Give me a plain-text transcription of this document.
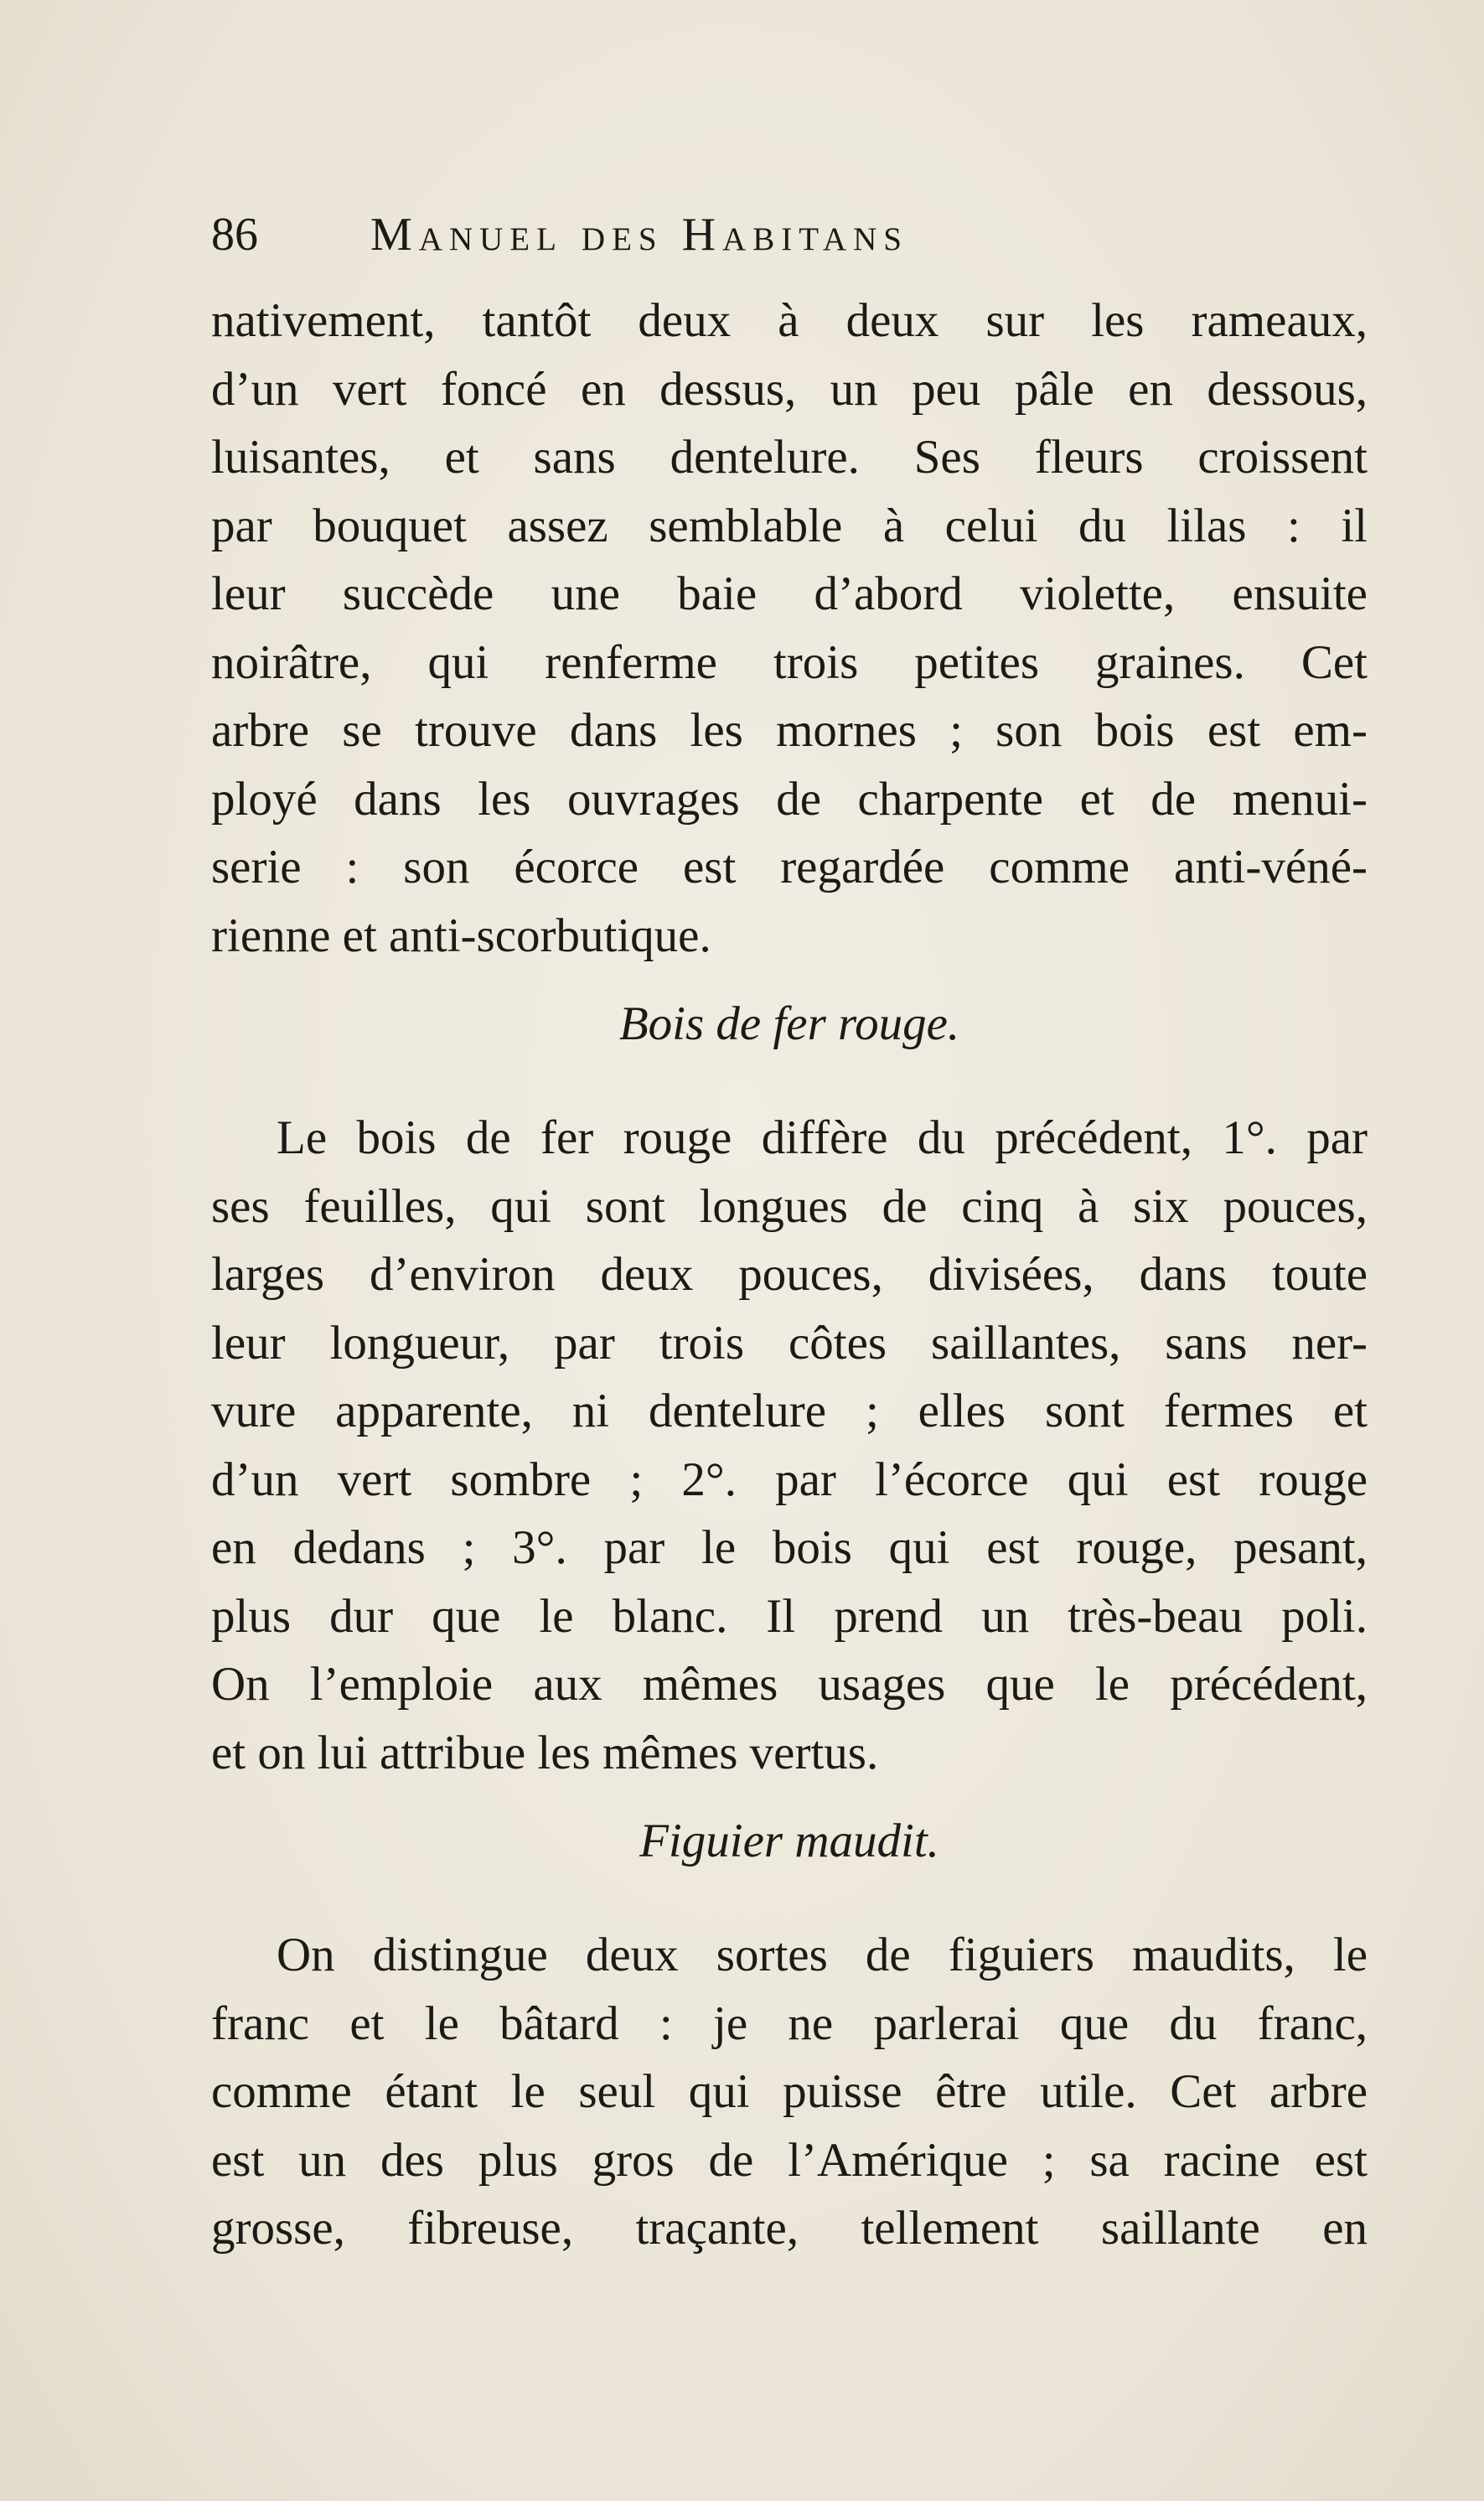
86 Manuel des Habitans
nativement, tantôt deux à deux sur les rameaux,
d’un vert foncé en dessus, un peu pâle en dessous,
luisantes, et sans dentelure. Ses fleurs croissent
par bouquet assez semblable à celui du lilas : il
leur succède une baie d’abord violette, ensuite
noirâtre, qui renferme trois petites graines. Cet
arbre se trouve dans les mornes ; son bois est em-
ployé dans les ouvrages de charpente et de menui-
serie : son écorce est regardée comme anti-véné-
rienne et anti-scorbutique.
Bois de fer rouge.
Le bois de fer rouge diffère du précédent, 1°. par
ses feuilles, qui sont longues de cinq à six pouces,
larges d’environ deux pouces, divisées, dans toute
leur longueur, par trois côtes saillantes, sans ner-
vure apparente, ni dentelure ; elles sont fermes et
d’un vert sombre ; 2°. par l’écorce qui est rouge
en dedans ; 3°. par le bois qui est rouge, pesant,
plus dur que le blanc. Il prend un très-beau poli.
On l’emploie aux mêmes usages que le précédent,
et on lui attribue les mêmes vertus.
Figuier maudit.
On distingue deux sortes de figuiers maudits, le
franc et le bâtard : je ne parlerai que du franc,
comme étant le seul qui puisse être utile. Cet arbre
est un des plus gros de l’Amérique ; sa racine est
grosse, fibreuse, traçante, tellement saillante en
